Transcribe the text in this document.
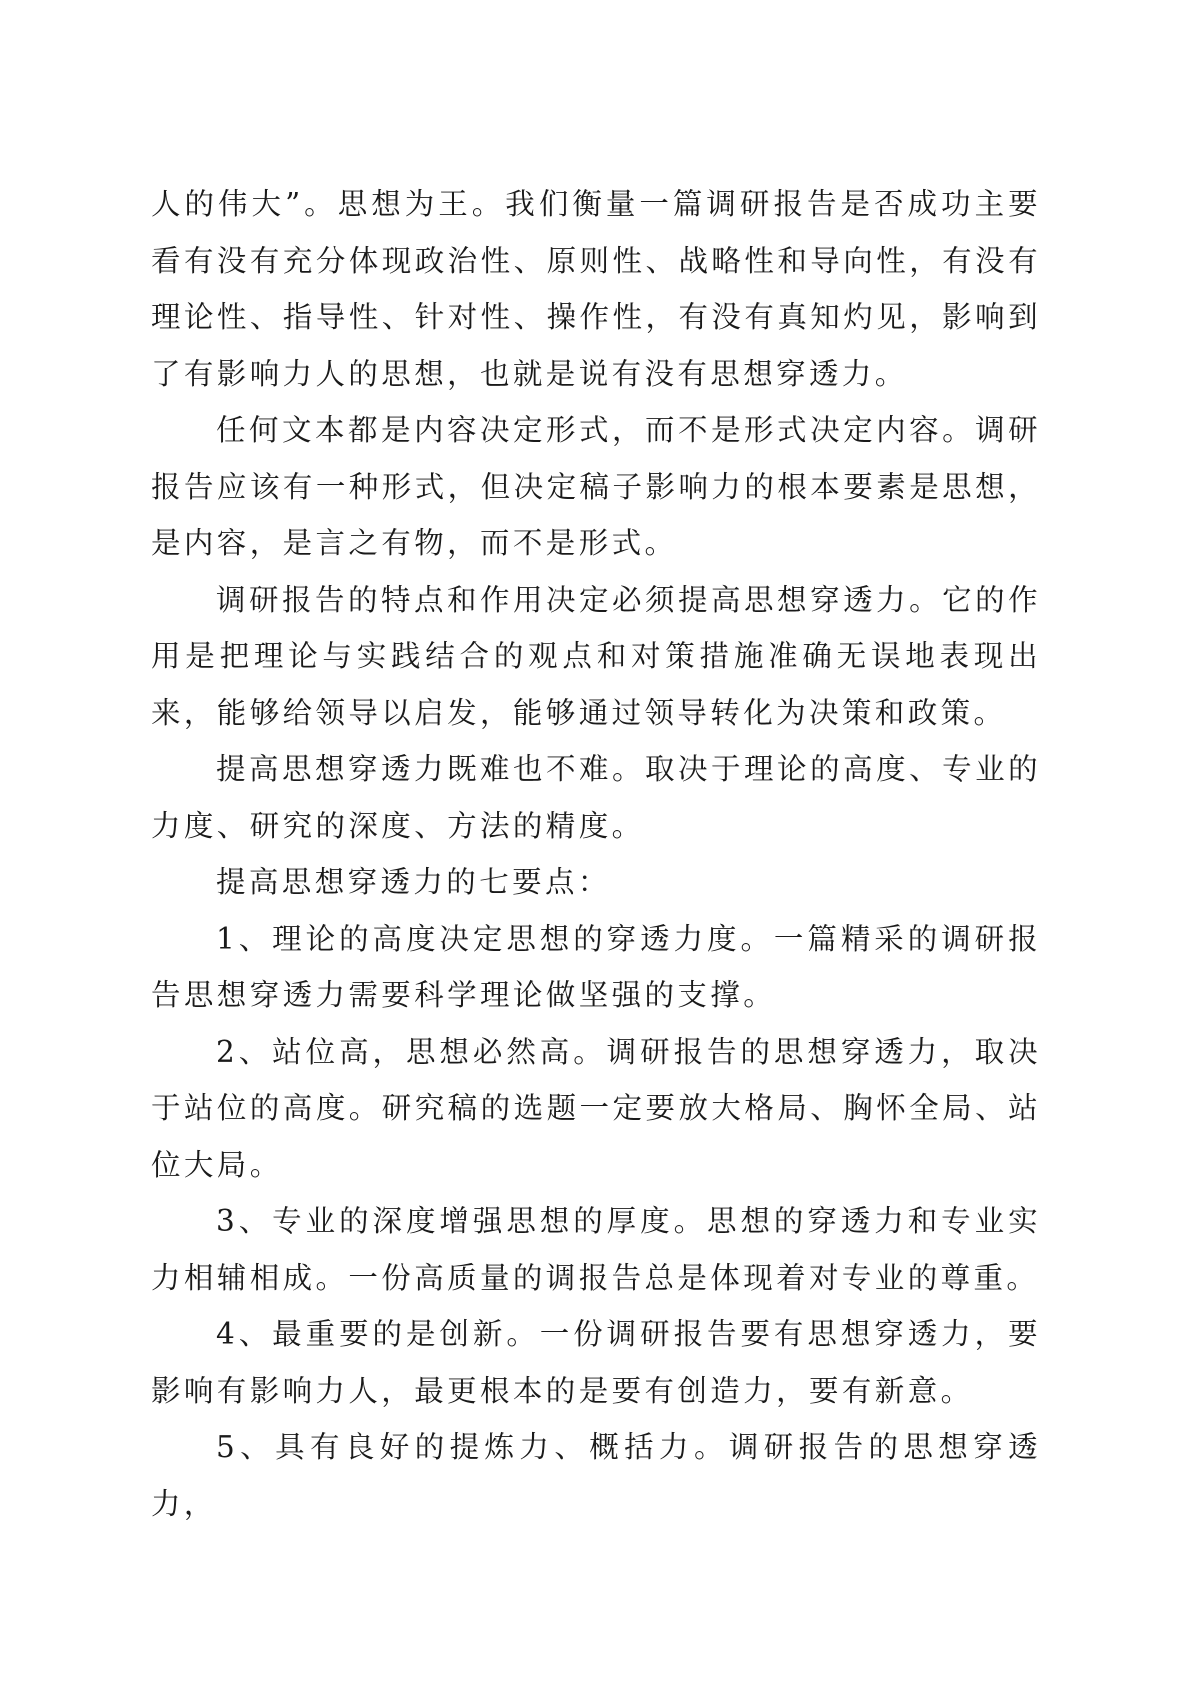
人的伟大”。思想为王。我们衡量一篇调研报告是否成功主要看有没有充分体现政治性、原则性、战略性和导向性，有没有理论性、指导性、针对性、操作性，有没有真知灼见，影响到了有影响力人的思想，也就是说有没有思想穿透力。

任何文本都是内容决定形式，而不是形式决定内容。调研报告应该有一种形式，但决定稿子影响力的根本要素是思想，是内容，是言之有物，而不是形式。

调研报告的特点和作用决定必须提高思想穿透力。它的作用是把理论与实践结合的观点和对策措施准确无误地表现出来，能够给领导以启发，能够通过领导转化为决策和政策。

提高思想穿透力既难也不难。取决于理论的高度、专业的力度、研究的深度、方法的精度。

提高思想穿透力的七要点：

1、理论的高度决定思想的穿透力度。一篇精采的调研报告思想穿透力需要科学理论做坚强的支撑。

2、站位高，思想必然高。调研报告的思想穿透力，取决于站位的高度。研究稿的选题一定要放大格局、胸怀全局、站位大局。

3、专业的深度增强思想的厚度。思想的穿透力和专业实力相辅相成。一份高质量的调报告总是体现着对专业的尊重。

4、最重要的是创新。一份调研报告要有思想穿透力，要影响有影响力人，最更根本的是要有创造力，要有新意。

5、具有良好的提炼力、概括力。调研报告的思想穿透力，
